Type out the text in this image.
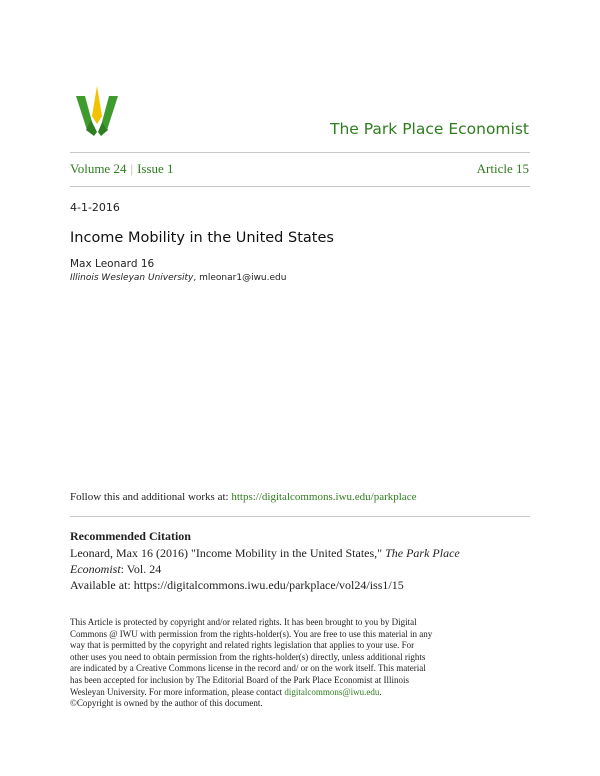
The Park Place Economist
Volume 24 | Issue 1	Article 15
4-1-2016
Income Mobility in the United States
Max Leonard 16
Illinois Wesleyan University, mleonar1@iwu.edu
Follow this and additional works at: https://digitalcommons.iwu.edu/parkplace
Recommended Citation
Leonard, Max 16 (2016) "Income Mobility in the United States," The Park Place
Economist: Vol. 24
Available at: https://digitalcommons.iwu.edu/parkplace/vol24/iss1/15
This Article is protected by copyright and/or related rights. It has been brought to you by Digital
Commons @ IWU with permission from the rights-holder(s). You are free to use this material in any
way that is permitted by the copyright and related rights legislation that applies to your use. For
other uses you need to obtain permission from the rights-holder(s) directly, unless additional rights
are indicated by a Creative Commons license in the record and/ or on the work itself. This material
has been accepted for inclusion by The Editorial Board of the Park Place Economist at Illinois
Wesleyan University. For more information, please contact digitalcommons@iwu.edu.
©Copyright is owned by the author of this document.
